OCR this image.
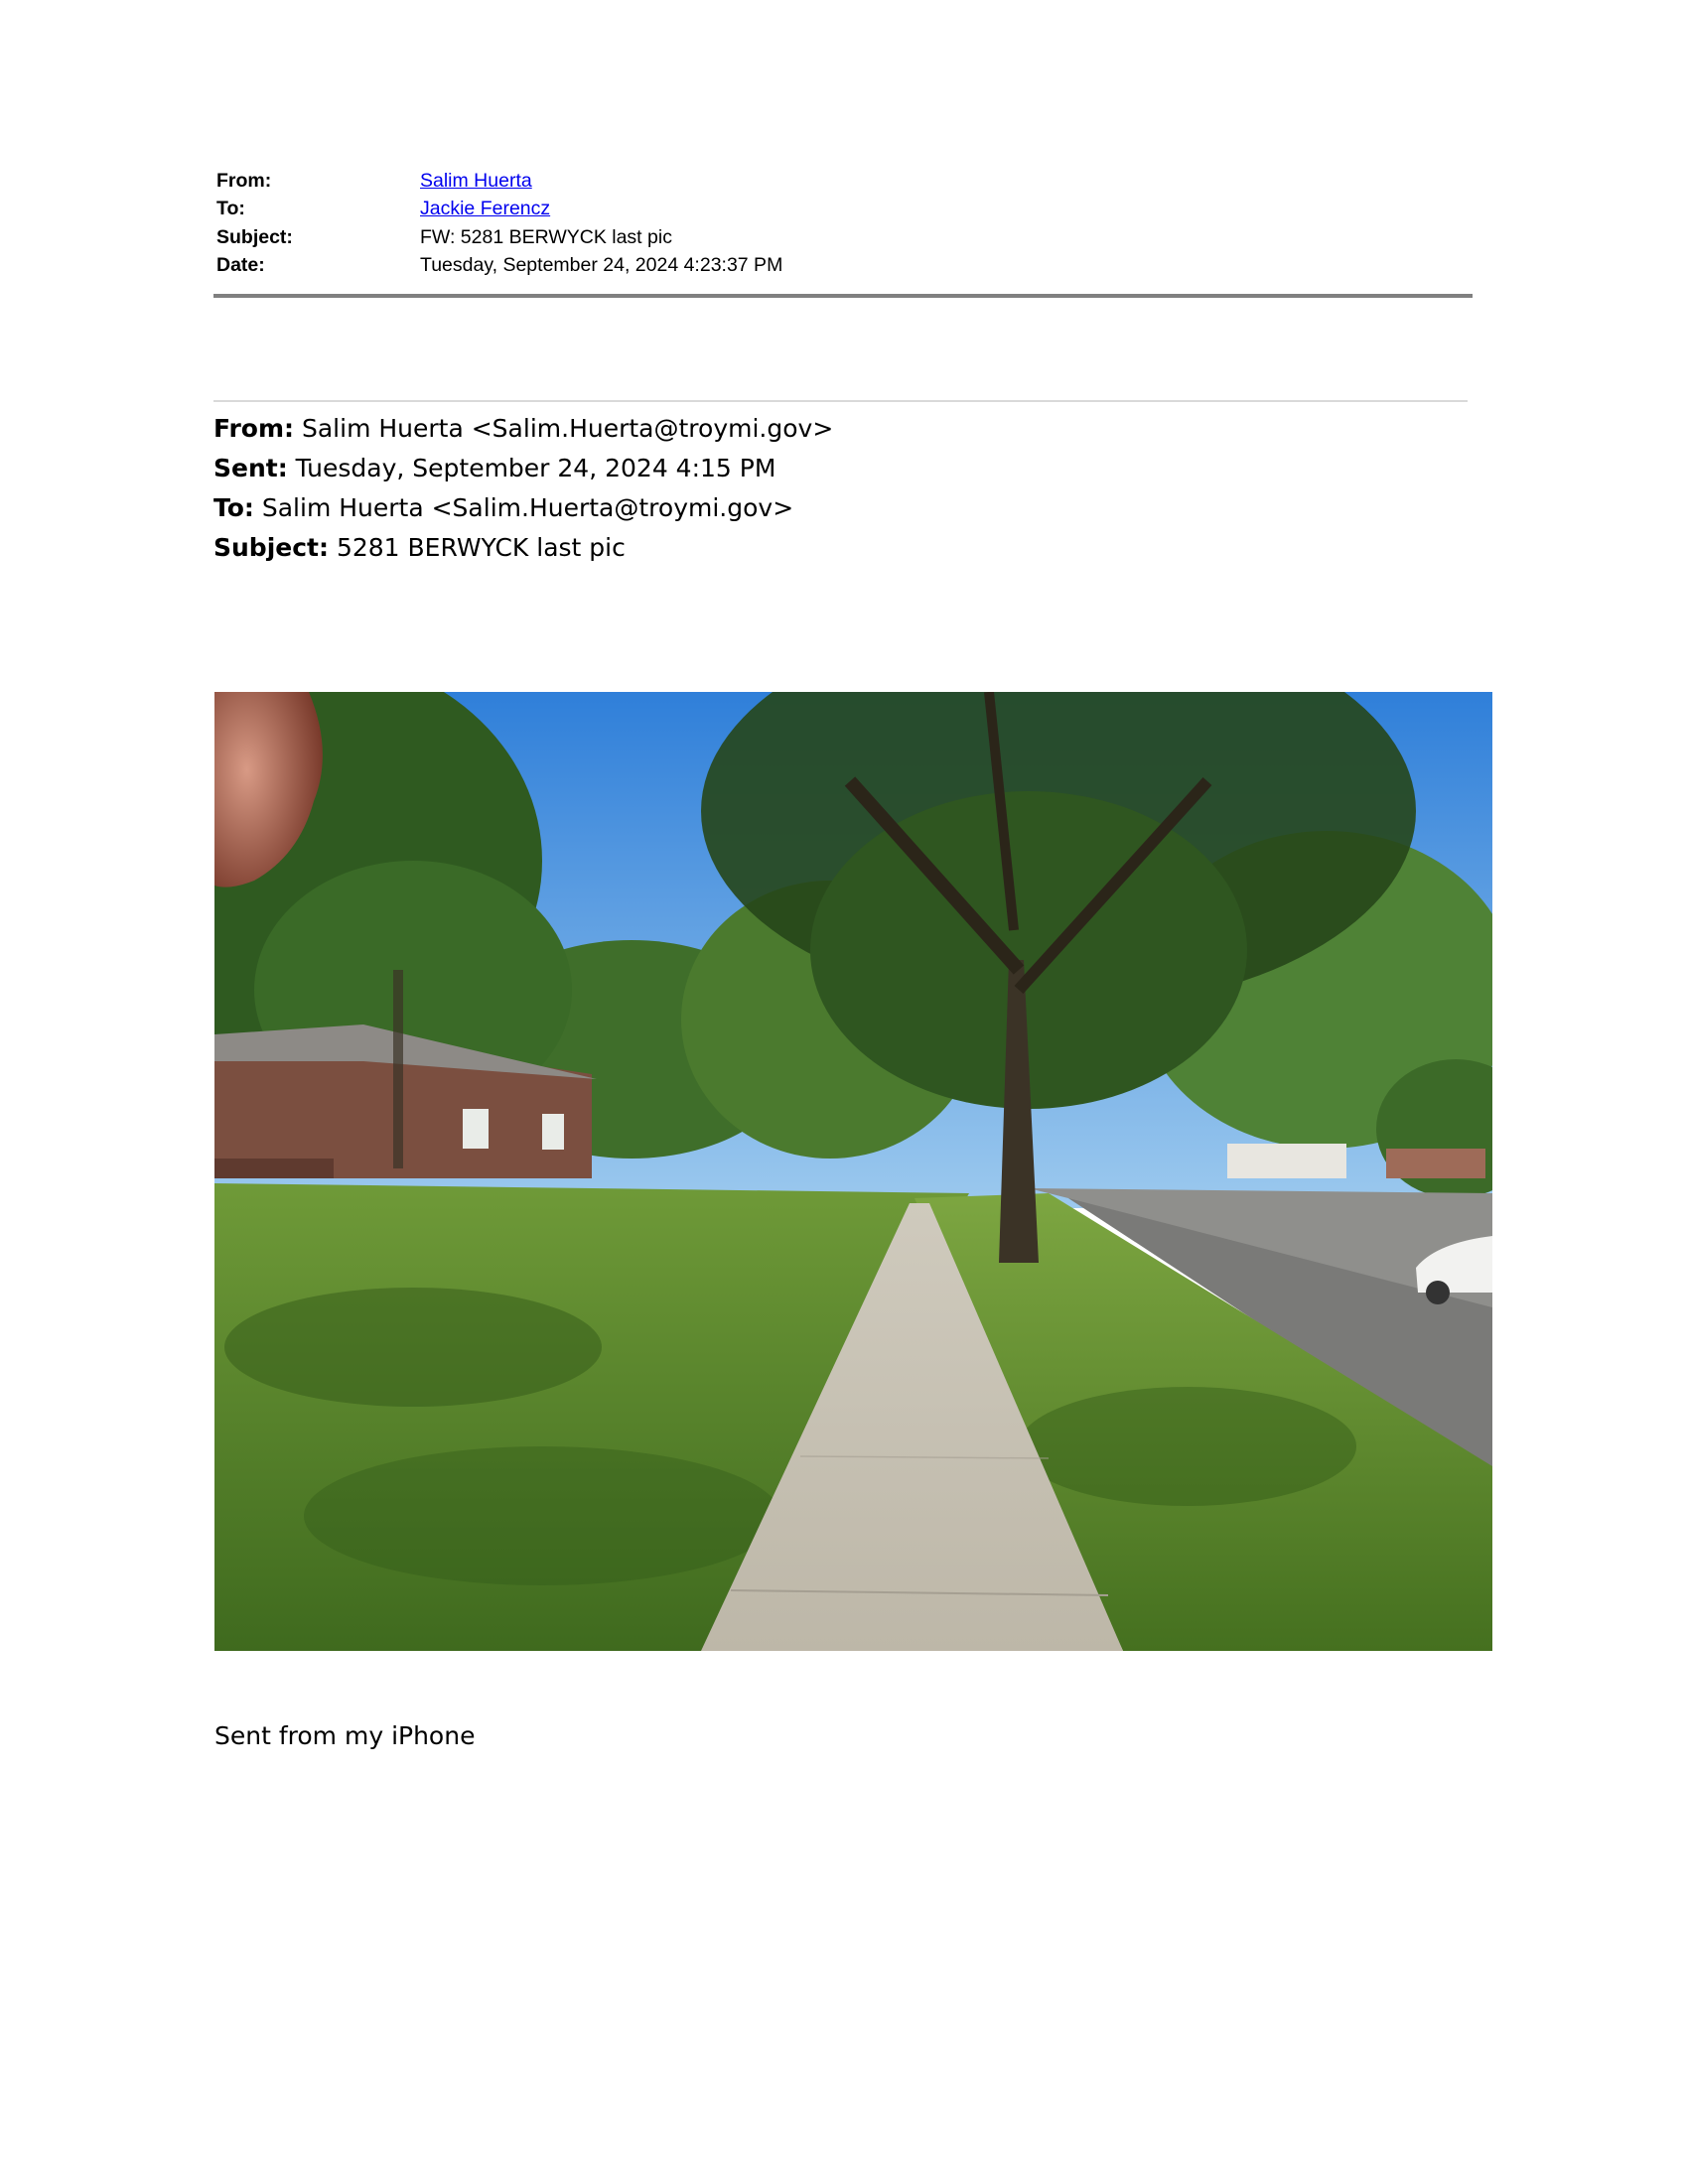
From:	Salim Huerta
To:	Jackie Ferencz
Subject:	FW: 5281 BERWYCK last pic
Date:	Tuesday, September 24, 2024 4:23:37 PM
From: Salim Huerta <Salim.Huerta@troymi.gov>
Sent: Tuesday, September 24, 2024 4:15 PM
To: Salim Huerta <Salim.Huerta@troymi.gov>
Subject: 5281 BERWYCK last pic
Sent from my iPhone
